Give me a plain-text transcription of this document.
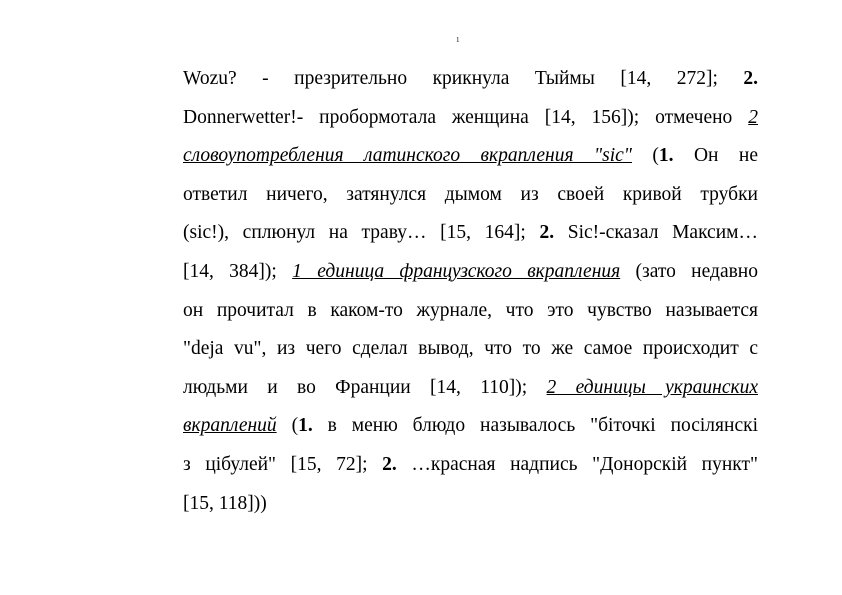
1
Wozu? - презрительно крикнула Тыймы [14, 272]; 2.
Donnerwetter!- пробормотала женщина [14, 156]); отмечено 2
словоупотребления латинского вкрапления "sic" (1. Он не
ответил ничего, затянулся дымом из своей кривой трубки
(sic!), сплюнул на траву… [15, 164]; 2. Sic!-сказал Максим…
[14, 384]); 1 единица французского вкрапления (зато недавно
он прочитал в каком-то журнале, что это чувство называется
"deja vu", из чего сделал вывод, что то же самое происходит с
людьми и во Франции [14, 110]); 2 единицы украинских
вкраплений (1. в меню блюдо называлось "біточкі посілянскі
з цібулей" [15, 72]; 2. …красная надпись "Донорскій пункт"
[15, 118]))
